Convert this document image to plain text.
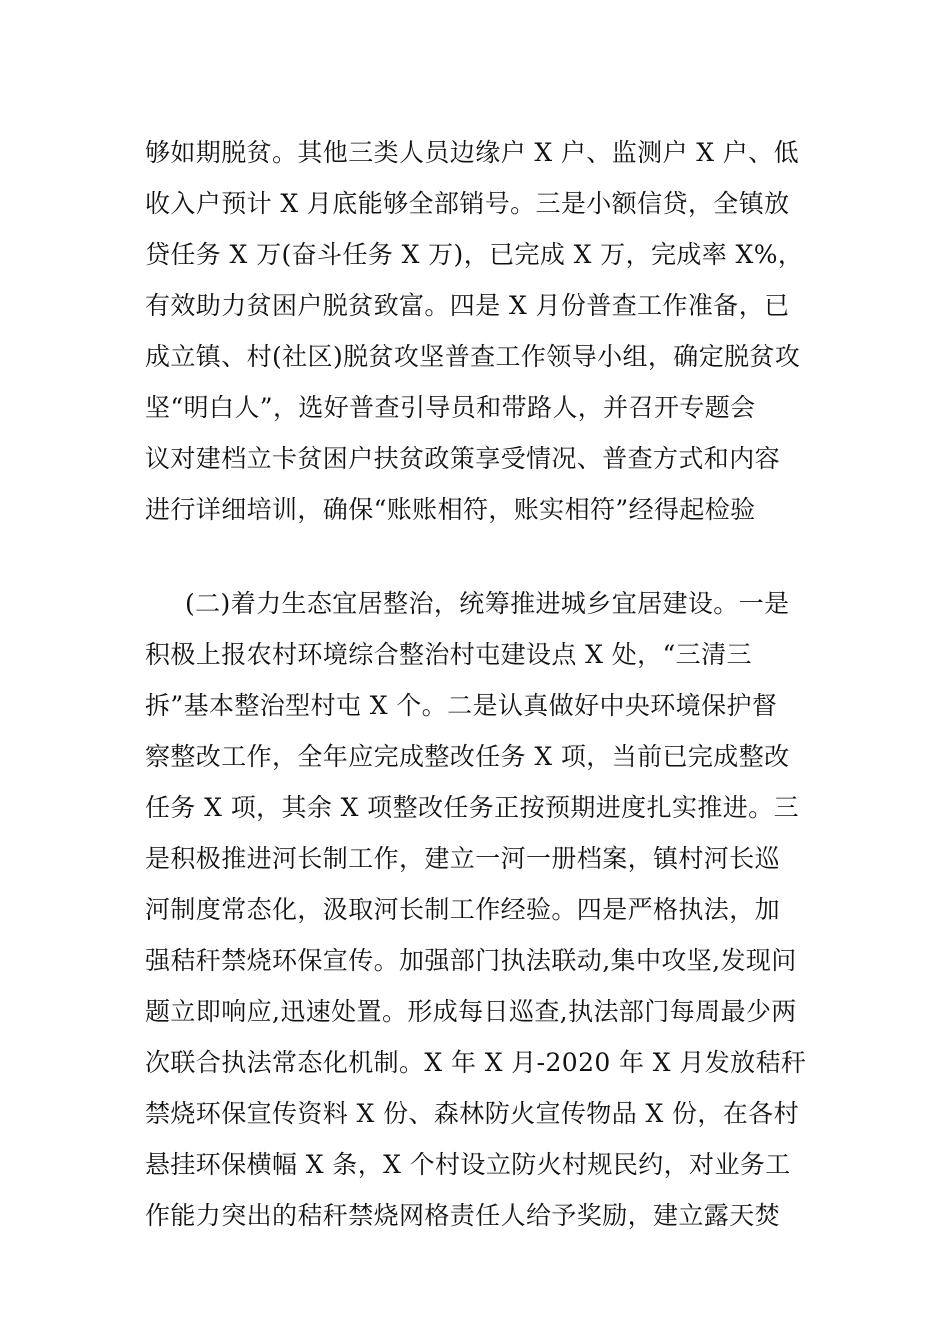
够如期脱贫。其他三类人员边缘户 X 户、监测户 X 户、低
收入户预计 X 月底能够全部销号。三是小额信贷，全镇放
贷任务 X 万(奋斗任务 X 万)，已完成 X 万，完成率 X%，
有效助力贫困户脱贫致富。四是 X 月份普查工作准备，已
成立镇、村(社区)脱贫攻坚普查工作领导小组，确定脱贫攻
坚“明白人”，选好普查引导员和带路人，并召开专题会
议对建档立卡贫困户扶贫政策享受情况、普查方式和内容
进行详细培训，确保“账账相符，账实相符”经得起检验
(二)着力生态宜居整治，统筹推进城乡宜居建设。一是
积极上报农村环境综合整治村屯建设点 X 处，“三清三
拆”基本整治型村屯 X 个。二是认真做好中央环境保护督
察整改工作，全年应完成整改任务 X 项，当前已完成整改
任务 X 项，其余 X 项整改任务正按预期进度扎实推进。三
是积极推进河长制工作，建立一河一册档案，镇村河长巡
河制度常态化，汲取河长制工作经验。四是严格执法，加
强秸秆禁烧环保宣传。加强部门执法联动,集中攻坚,发现问
题立即响应,迅速处置。形成每日巡查,执法部门每周最少两
次联合执法常态化机制。X 年 X 月-2020 年 X 月发放秸秆
禁烧环保宣传资料 X 份、森林防火宣传物品 X 份，在各村
悬挂环保横幅 X 条，X 个村设立防火村规民约，对业务工
作能力突出的秸秆禁烧网格责任人给予奖励，建立露天焚
